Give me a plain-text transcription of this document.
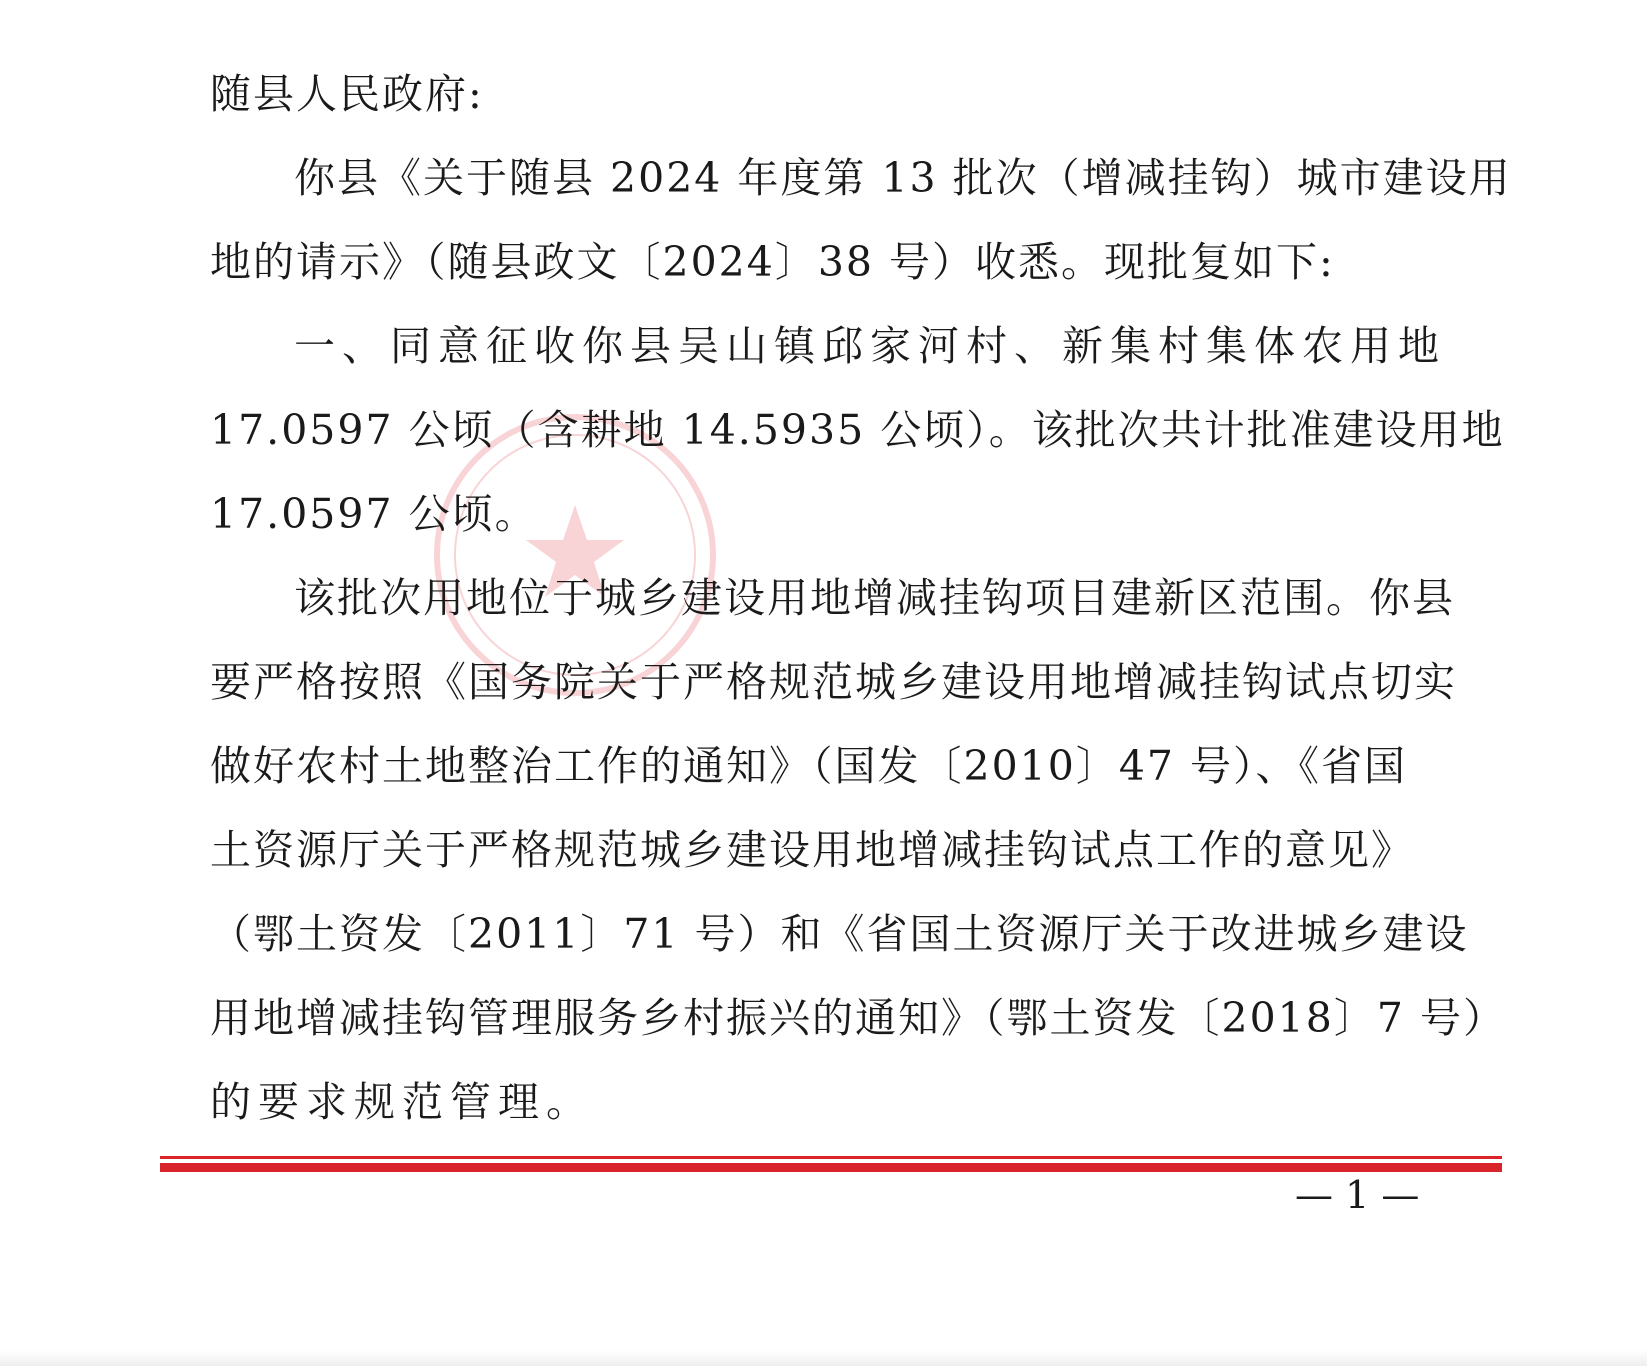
随县人民政府:
你县《关于随县 2024 年度第 13 批次（增减挂钩）城市建设用
地的请示》（随县政文〔2024〕38 号）收悉。现批复如下:
一、同意征收你县吴山镇邱家河村、新集村集体农用地
17.0597 公顷（含耕地 14.5935 公顷）。该批次共计批准建设用地
17.0597 公顷。
该批次用地位于城乡建设用地增减挂钩项目建新区范围。你县
要严格按照《国务院关于严格规范城乡建设用地增减挂钩试点切实
做好农村土地整治工作的通知》（国发〔2010〕47 号）、《省国
土资源厅关于严格规范城乡建设用地增减挂钩试点工作的意见》
（鄂土资发〔2011〕71 号）和《省国土资源厅关于改进城乡建设
用地增减挂钩管理服务乡村振兴的通知》（鄂土资发〔2018〕7 号）
的要求规范管理。
— 1 —
